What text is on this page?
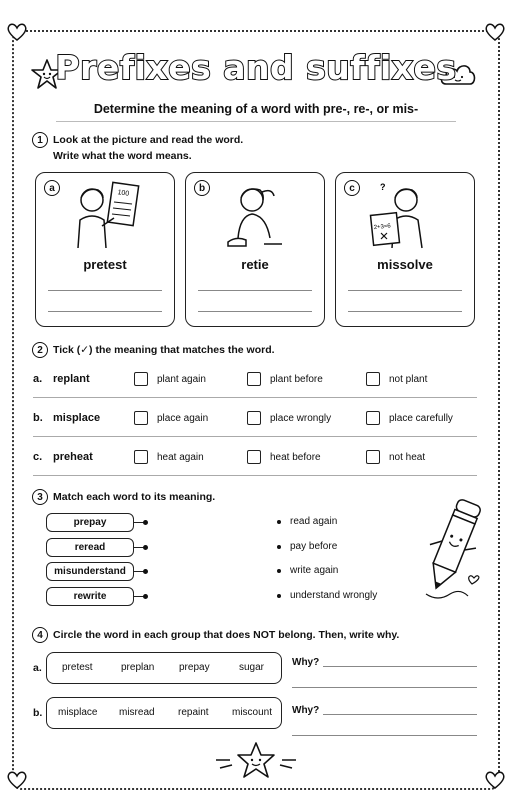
Prefixes and suffixes
Determine the meaning of a word with pre-, re-, or mis-
1 Look at the picture and read the word.
Write what the word means.
a	100
pretest
b
retie
c	?
2+3=6
missolve
2 Tick (✓) the meaning that matches the word.
a. replant	plant again	plant before	not plant
b. misplace	place again	place wrongly	place carefully
c. preheat	heat again	heat before	not heat
3 Match each word to its meaning.
prepay
reread
misunderstand
rewrite
read again
pay before
write again
understand wrongly
4 Circle the word in each group that does NOT belong. Then, write why.
a. pretest	preplan prepay	sugar	Why?
b. misplace misread repaint miscount Why?
